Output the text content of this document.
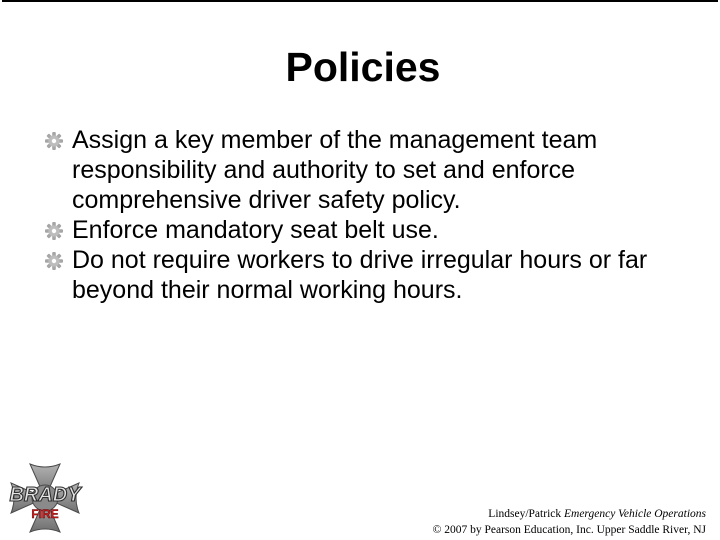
Policies
Assign a key member of the management team responsibility and authority to set and enforce comprehensive driver safety policy.
Enforce mandatory seat belt use.
Do not require workers to drive irregular hours or far beyond their normal working hours.
BRADY
FIRE	Lindsey/Patrick Emergency Vehicle Operations
© 2007 by Pearson Education, Inc. Upper Saddle River, NJ
